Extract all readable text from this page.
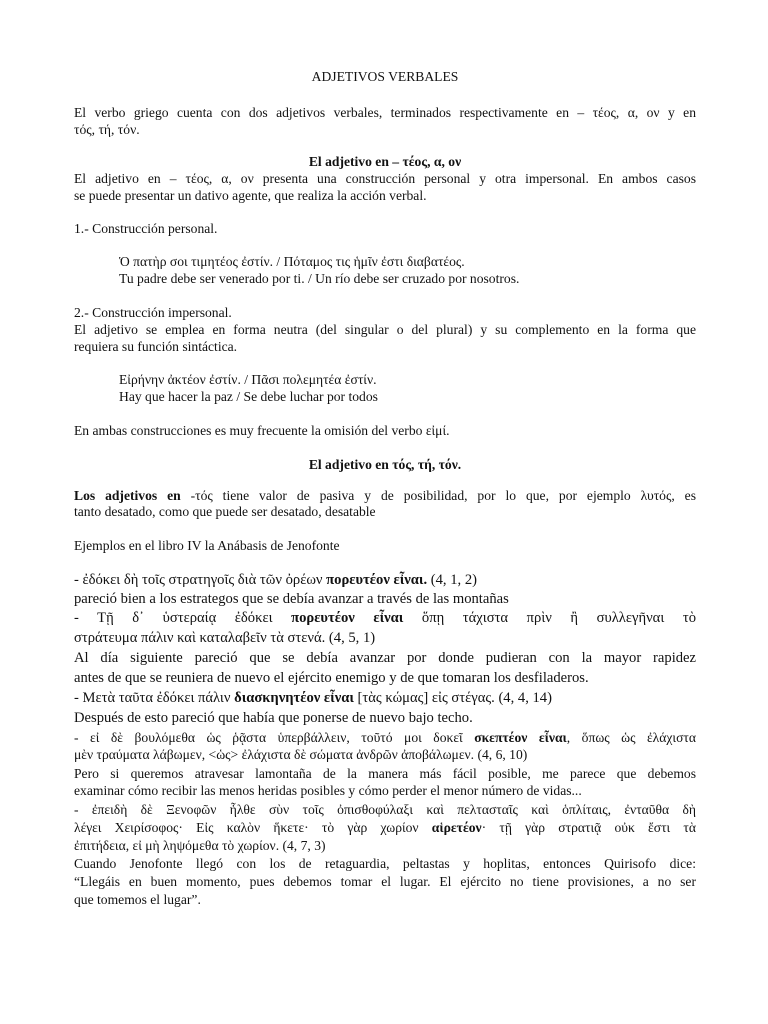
ADJETIVOS VERBALES
El verbo griego cuenta con dos adjetivos verbales, terminados respectivamente en – τέος, α, ον y en
τός, τή, τόν.
El adjetivo en – τέος, α, ον
El adjetivo en – τέος, α, ον presenta una construcción personal y otra impersonal. En ambos casos
se puede presentar un dativo agente, que realiza la acción verbal.
1.- Construcción personal.
Ὁ πατὴρ σοι τιμητέος ἐστίν. / Πόταμος τις ἡμῖν ἐστι διαβατέος.
Tu padre debe ser venerado por ti. / Un río debe ser cruzado por nosotros.
2.- Construcción impersonal.
El adjetivo se emplea en forma neutra (del singular o del plural) y su complemento en la forma que
requiera su función sintáctica.
Εἰρήνην ἀκτέον ἐστίν. / Πᾶσι πολεμητέα ἐστίν.
Hay que hacer la paz / Se debe luchar por todos
En ambas construcciones es muy frecuente la omisión del verbo εἰμί.
El adjetivo en τός, τή, τόν.
Los adjetivos en -τός tiene valor de pasiva y de posibilidad, por lo que, por ejemplo λυτός, es
tanto desatado, como que puede ser desatado, desatable
Ejemplos en el libro IV la Anábasis de Jenofonte
- ἐδόκει δὴ τοῖς στρατηγοῖς διὰ τῶν ὀρέων πορευτέον εἶναι. (4, 1, 2)
pareció bien a los estrategos que se debía avanzar a través de las montañas
- Τῇ δ᾽ ὑστεραίᾳ ἐδόκει πορευτέον εἶναι ὅπῃ τάχιστα πρὶν ἢ συλλεγῆναι τὸ
στράτευμα πάλιν καὶ καταλαβεῖν τὰ στενά. (4, 5, 1)
Al día siguiente pareció que se debía avanzar por donde pudieran con la mayor rapidez
antes de que se reuniera de nuevo el ejército enemigo y de que tomaran los desfiladeros.
- Μετὰ ταῦτα ἐδόκει πάλιν διασκηνητέον εἶναι [τὰς κώμας] εἰς στέγας. (4, 4, 14)
Después de esto pareció que había que ponerse de nuevo bajo techo.
- εἰ δὲ βουλόμεθα ὡς ῥᾷστα ὑπερβάλλειν, τοῦτό μοι δοκεῖ σκεπτέον εἶναι, ὅπως ὡς ἐλάχιστα
μὲν τραύματα λάβωμεν, <ὡς> ἐλάχιστα δὲ σώματα ἀνδρῶν ἀποβάλωμεν. (4, 6, 10)
Pero si queremos atravesar lamontaña de la manera más fácil posible, me parece que debemos
examinar cómo recibir las menos heridas posibles y cómo perder el menor número de vidas...
- ἐπειδὴ δὲ Ξενοφῶν ἦλθε σὺν τοῖς ὀπισθοφύλαξι καὶ πελτασταῖς καὶ ὁπλίταις, ἐνταῦθα δὴ
λέγει Χειρίσοφος· Εἰς καλὸν ἥκετε· τὸ γὰρ χωρίον αἱρετέον· τῇ γὰρ στρατιᾷ οὐκ ἔστι τὰ
ἐπιτήδεια, εἰ μὴ ληψόμεθα τὸ χωρίον. (4, 7, 3)
Cuando Jenofonte llegó con los de retaguardia, peltastas y hoplitas, entonces Quirisofo dice:
“Llegáis en buen momento, pues debemos tomar el lugar. El ejército no tiene provisiones, a no ser
que tomemos el lugar”.
